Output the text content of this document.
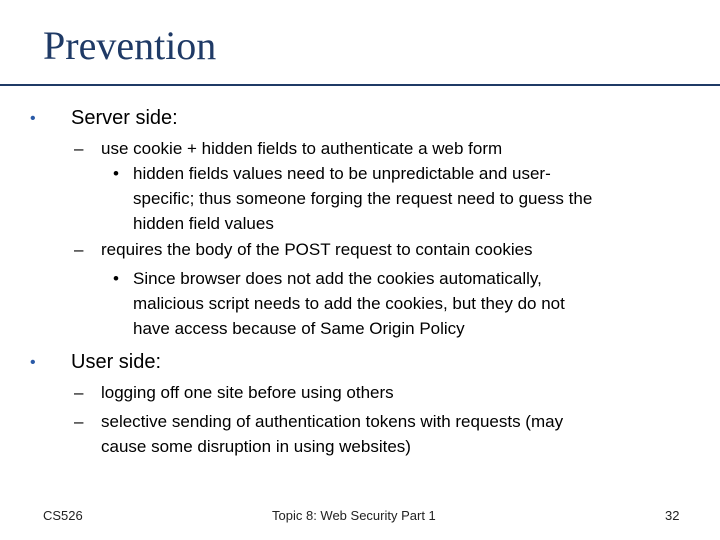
Prevention
• Server side:
– use cookie + hidden fields to authenticate a web form
• hidden fields values need to be unpredictable and user-
specific; thus someone forging the request need to guess the
hidden field values
– requires the body of the POST request to contain cookies
• Since browser does not add the cookies automatically,
malicious script needs to add the cookies, but they do not
have access because of Same Origin Policy
• User side:
– logging off one site before using others
– selective sending of authentication tokens with requests (may
cause some disruption in using websites)
CS526	Topic 8: Web Security Part 1	32
